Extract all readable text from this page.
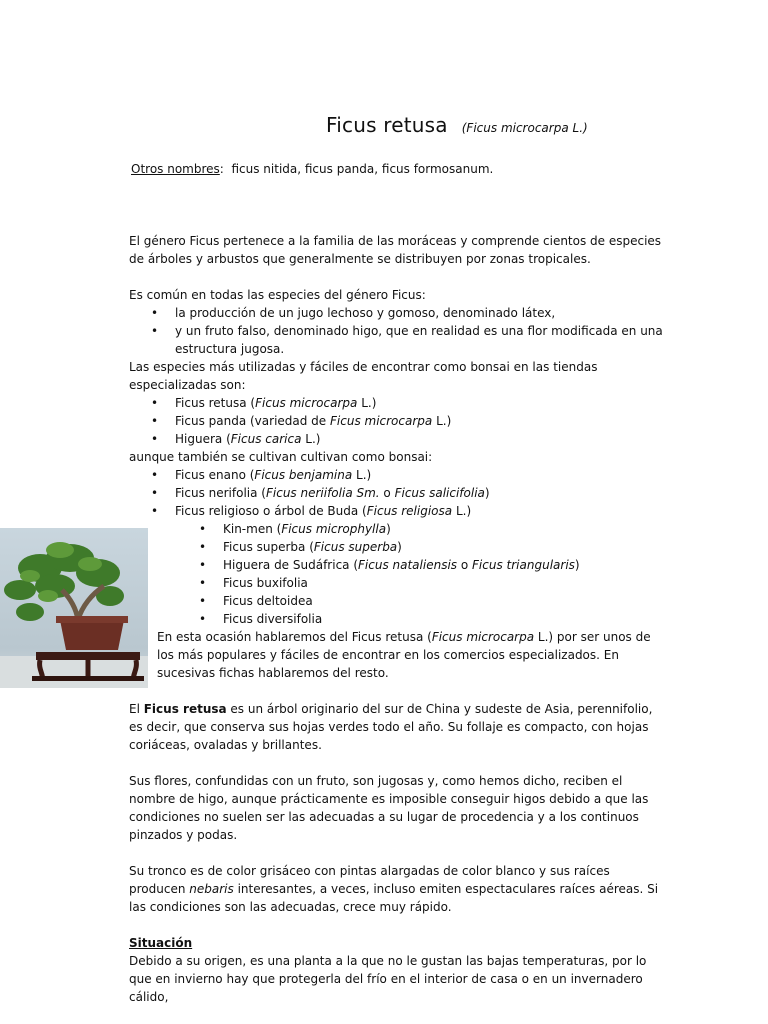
Ficus retusa (Ficus microcarpa L.)
Otros nombres:  ficus nitida, ficus panda, ficus formosanum.
El género Ficus pertenece a la familia de las moráceas y comprende cientos de especies de árboles y arbustos que generalmente se distribuyen por zonas tropicales.
Es común en todas las especies del género Ficus:
• la producción de un jugo lechoso y gomoso, denominado látex,
• y un fruto falso, denominado higo, que en realidad es una flor modificada en una estructura jugosa.
Las especies más utilizadas y fáciles de encontrar como bonsai en las tiendas especializadas son:
• Ficus retusa (Ficus microcarpa L.)
• Ficus panda (variedad de Ficus microcarpa L.)
• Higuera (Ficus carica L.)
aunque también se cultivan cultivan como bonsai:
• Ficus enano (Ficus benjamina L.)
• Ficus nerifolia (Ficus neriifolia Sm. o Ficus salicifolia)
• Ficus religioso o árbol de Buda (Ficus religiosa L.)
• Kin-men (Ficus microphylla)
• Ficus superba (Ficus superba)
• Higuera de Sudáfrica (Ficus nataliensis o Ficus triangularis)
• Ficus buxifolia
• Ficus deltoidea
• Ficus diversifolia
En esta ocasión hablaremos del Ficus retusa (Ficus microcarpa L.) por ser unos de los más populares y fáciles de encontrar en los comercios especializados. En sucesivas fichas hablaremos del resto.
El Ficus retusa es un árbol originario del sur de China y sudeste de Asia, perennifolio, es decir, que conserva sus hojas verdes todo el año. Su follaje es compacto, con hojas coriáceas, ovaladas y brillantes.
Sus flores, confundidas con un fruto, son jugosas y, como hemos dicho, reciben el nombre de higo, aunque prácticamente es imposible conseguir higos debido a que las condiciones no suelen ser las adecuadas a su lugar de procedencia y a los continuos pinzados y podas.
Su tronco es de color grisáceo con pintas alargadas de color blanco y sus raíces producen nebaris interesantes, a veces, incluso emiten espectaculares raíces aéreas. Si las condiciones son las adecuadas, crece muy rápido.
Situación
Debido a su origen, es una planta a la que no le gustan las bajas temperaturas, por lo que en invierno hay que protegerla del frío en el interior de casa o en un invernadero cálido,
